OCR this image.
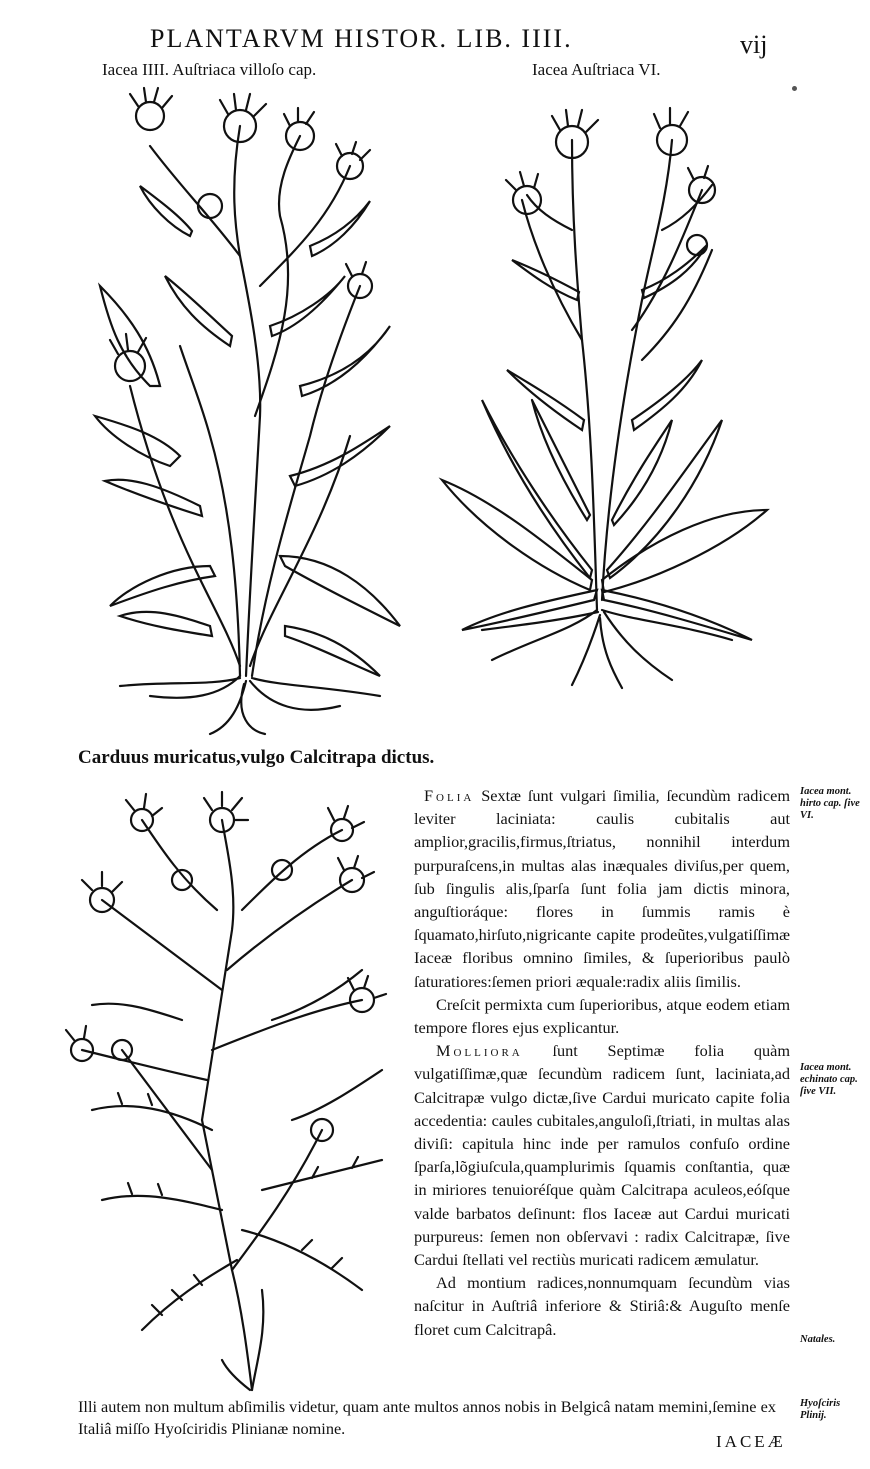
PLANTARVM HISTOR. LIB. IIII.	vij
Iacea IIII. Auſtriaca villoſo cap.	Iacea Auſtriaca VI.
Carduus muricatus,vulgo Calcitrapa dictus.

Folia Sextæ ſunt vulgari ſimilia, ſecundùm radicem leviter laciniata: caulis cubitalis aut amplior,gracilis,firmus,ſtriatus, nonnihil interdum purpuraſcens,in multas alas inæquales diviſus,per quem, ſub ſingulis alis,ſparſa ſunt folia jam dictis minora, anguſtioráque: flores in ſummis ramis è ſquamato,hirſuto,nigricante capite prodeũtes,vulgatiſſimæ Iaceæ floribus omnino ſimiles, & ſuperioribus paulò ſaturatiores:ſemen priori æquale:radix aliis ſimilis.

Creſcit permixta cum ſuperioribus, atque eodem etiam tempore flores ejus explicantur.

Molliora ſunt Septimæ folia quàm vulgatiſſimæ,quæ ſecundùm radicem ſunt, laciniata,ad Calcitrapæ vulgo dictæ,ſive Cardui muricato capite folia accedentia: caules cubitales,anguloſi,ſtriati, in multas alas diviſi: capitula hinc inde per ramulos confuſo ordine ſparſa,lõgiuſcula,quamplurimis ſquamis conſtantia, quæ in miriores tenuioréſque quàm Calcitrapa aculeos,eóſque valde barbatos deſinunt: flos Iaceæ aut Cardui muricati purpureus: ſemen non obſervavi : radix Calcitrapæ, ſive Cardui ſtellati vel rectiùs muricati radicem æmulatur.

Ad montium radices,nonnumquam ſecundùm vias naſcitur in Auſtriâ inferiore & Stiriâ:& Auguſto menſe floret cum Calcitrapâ.

Iacea mont. hirto cap. ſive VI.
Iacea mont. echinato cap. ſive VII.
Natales.
Hyoſciris Plinij.
Illi autem non multum abſimilis videtur, quam ante multos annos nobis in Belgicâ natam memini,ſemine ex Italiâ miſſo Hyoſciridis Plinianæ nomine.
IACEÆ
